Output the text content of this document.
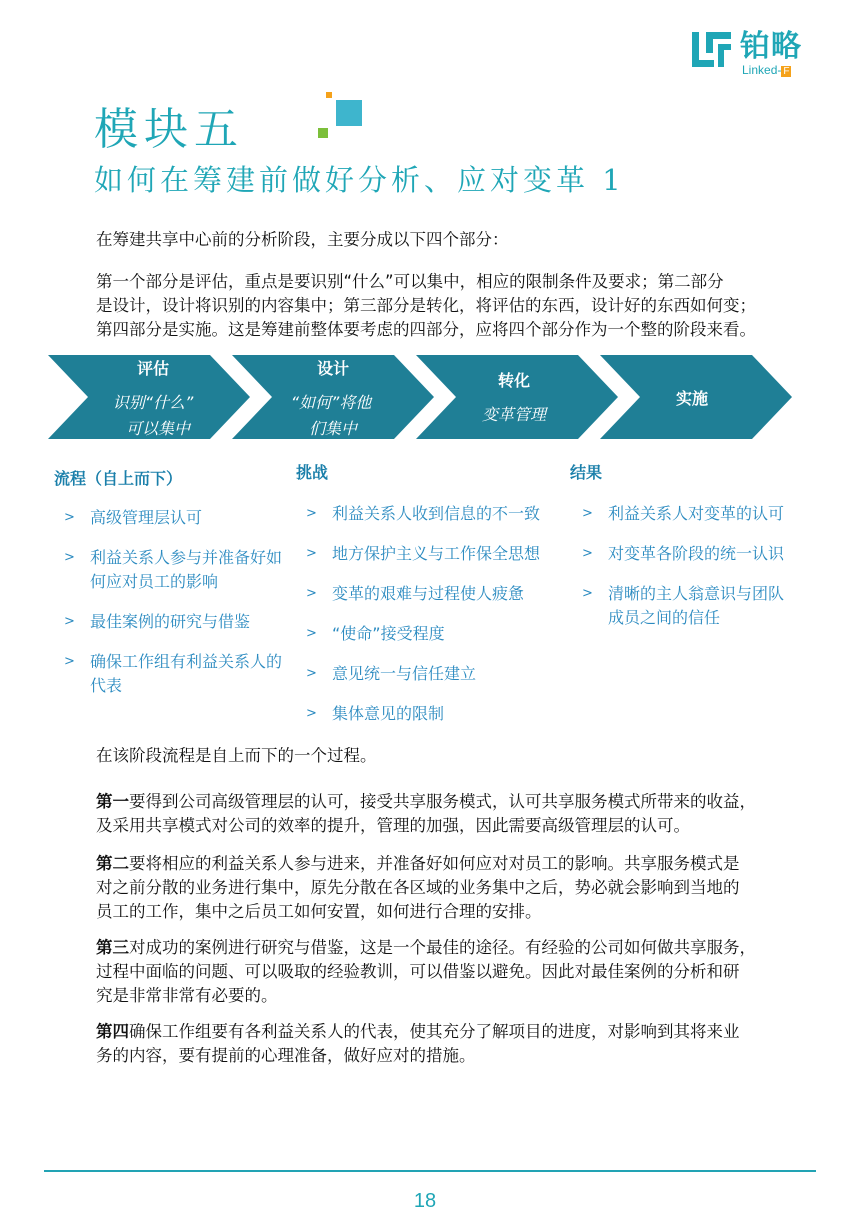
铂略
Linked- F
模块五
如何在筹建前做好分析、应对变革 1
在筹建共享中心前的分析阶段，主要分成以下四个部分：
第一个部分是评估，重点是要识别“什么”可以集中，相应的限制条件及要求；第二部分
是设计，设计将识别的内容集中；第三部分是转化，将评估的东西，设计好的东西如何变；
第四部分是实施。这是筹建前整体要考虑的四部分，应将四个部分作为一个整的阶段来看。
评估
识别“什么”
可以集中
设计
“如何”将他
们集中
转化
变革管理
实施
流程（自上而下）	挑战	结果
> 高级管理层认可
> 利益关系人参与并准备好如
何应对员工的影响
> 最佳案例的研究与借鉴
> 确保工作组有利益关系人的
代表
> 利益关系人收到信息的不一致
> 地方保护主义与工作保全思想
> 变革的艰难与过程使人疲惫
> “使命”接受程度
> 意见统一与信任建立
> 集体意见的限制
> 利益关系人对变革的认可
> 对变革各阶段的统一认识
> 清晰的主人翁意识与团队
成员之间的信任
在该阶段流程是自上而下的一个过程。
第一要得到公司高级管理层的认可，接受共享服务模式，认可共享服务模式所带来的收益，
及采用共享模式对公司的效率的提升，管理的加强，因此需要高级管理层的认可。
第二要将相应的利益关系人参与进来，并准备好如何应对对员工的影响。共享服务模式是
对之前分散的业务进行集中，原先分散在各区域的业务集中之后，势必就会影响到当地的
员工的工作，集中之后员工如何安置，如何进行合理的安排。
第三对成功的案例进行研究与借鉴，这是一个最佳的途径。有经验的公司如何做共享服务，
过程中面临的问题、可以吸取的经验教训，可以借鉴以避免。因此对最佳案例的分析和研
究是非常非常有必要的。
第四确保工作组要有各利益关系人的代表，使其充分了解项目的进度，对影响到其将来业
务的内容，要有提前的心理准备，做好应对的措施。
18
